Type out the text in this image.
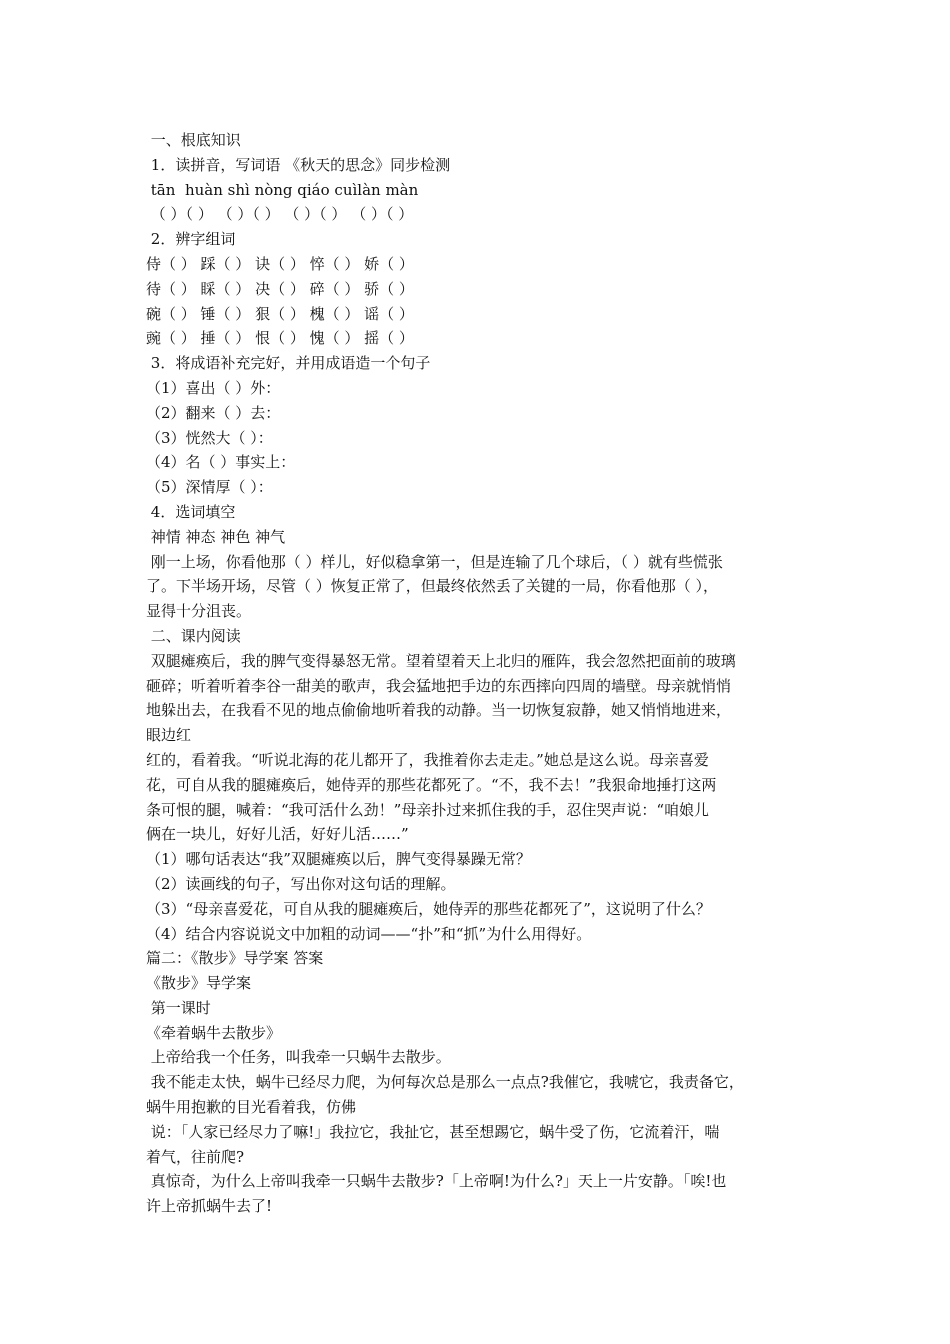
一、根底知识

1．读拼音，写词语 《秋天的思念》同步检测

tān  huàn shì nòng qiáo cuìlàn màn

（ ）（ ） （ ）（ ） （ ）（ ） （ ）（ ）

2．辨字组词

侍（ ） 踩（ ） 诀（ ） 悴（ ） 娇（ ）

待（ ） 睬（ ） 决（ ） 碎（ ） 骄（ ）

碗（ ） 锤（ ） 狠（ ） 槐（ ） 谣（ ）

豌（ ） 捶（ ） 恨（ ） 愧（ ） 摇（ ）

3．将成语补充完好，并用成语造一个句子

（1）喜出（ ）外：

（2）翻来（ ）去：

（3）恍然大（ ）：

（4）名（ ）事实上：

（5）深情厚（ ）：

4．选词填空

神情 神态 神色 神气

刚一上场，你看他那（ ）样儿，好似稳拿第一，但是连输了几个球后，（ ）就有些慌张

了。下半场开场，尽管（ ）恢复正常了，但最终依然丢了关键的一局，你看他那（ ），

显得十分沮丧。

二、课内阅读

双腿瘫痪后，我的脾气变得暴怒无常。望着望着天上北归的雁阵，我会忽然把面前的玻璃

砸碎；听着听着李谷一甜美的歌声，我会猛地把手边的东西摔向四周的墙壁。母亲就悄悄

地躲出去，在我看不见的地点偷偷地听着我的动静。当一切恢复寂静，她又悄悄地进来，

眼边红

红的，看着我。“听说北海的花儿都开了，我推着你去走走。”她总是这么说。母亲喜爱

花，可自从我的腿瘫痪后，她侍弄的那些花都死了。“不，我不去！”我狠命地捶打这两

条可恨的腿，喊着：“我可活什么劲！”母亲扑过来抓住我的手，忍住哭声说：“咱娘儿

俩在一块儿，好好儿活，好好儿活……”

（1）哪句话表达“我”双腿瘫痪以后，脾气变得暴躁无常？

（2）读画线的句子，写出你对这句话的理解。

（3）“母亲喜爱花，可自从我的腿瘫痪后，她侍弄的那些花都死了”，这说明了什么？

（4）结合内容说说文中加粗的动词——“扑”和“抓”为什么用得好。

篇二：《散步》导学案 答案

《散步》导学案

第一课时

《牵着蜗牛去散步》

上帝给我一个任务，叫我牵一只蜗牛去散步。

我不能走太快，蜗牛已经尽力爬，为何每次总是那么一点点?我催它，我唬它，我责备它，

蜗牛用抱歉的目光看着我，仿佛

说：「人家已经尽力了嘛!」我拉它，我扯它，甚至想踢它，蜗牛受了伤，它流着汗，喘

着气，往前爬?

真惊奇，为什么上帝叫我牵一只蜗牛去散步?「上帝啊!为什么?」天上一片安静。「唉!也

许上帝抓蜗牛去了!
